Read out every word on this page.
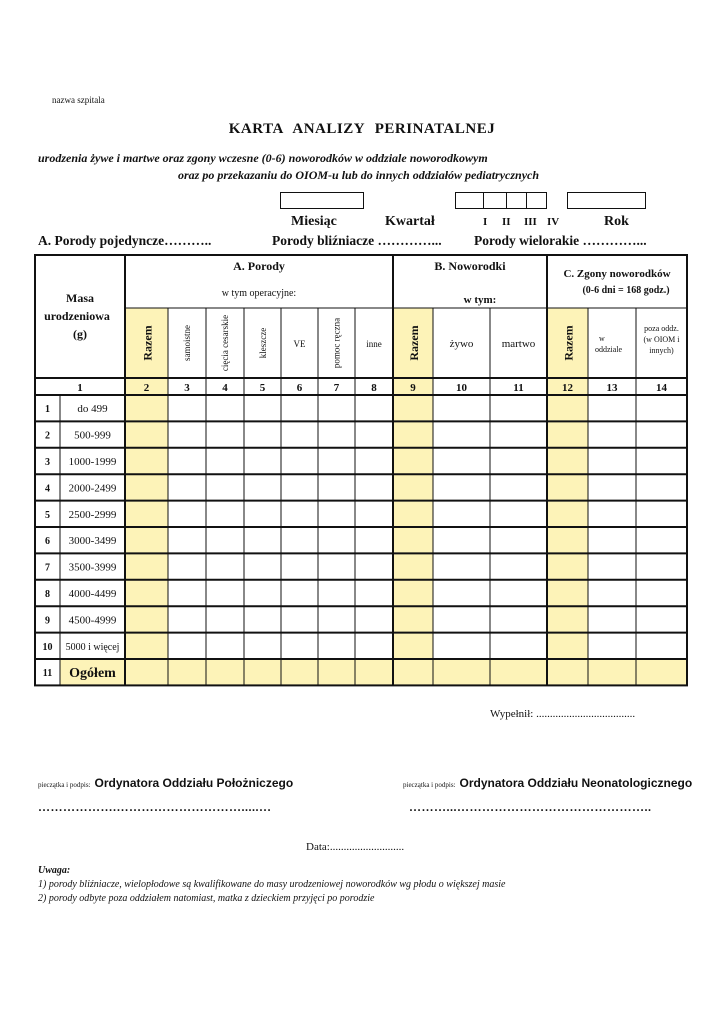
nazwa szpitala
KARTA ANALIZY PERINATALNEJ
urodzenia żywe i martwe oraz zgony wczesne (0-6) noworodków w oddziale noworodkowym
oraz po przekazaniu do OIOM-u lub do innych oddziałów pediatrycznych
Miesiąc	Kwartał	I II III IV	Rok
A. Porody pojedyncze………..	Porody bliźniacze …………... Porody wielorakie …………...
A. Porody
w tym operacyjne:
B. Noworodki
w tym:
C. Zgony noworodków
(0-6 dni = 168 godz.)
Masa
urodzeniowa
(g)	Razem	Razem	Razem
samoistne	cięcia cesarskie	kleszcze	VE	pomoc ręczna	inne	żywo	martwo	w
oddziale
poza oddz.
(w OIOM i
innych)
1	2	3	4	5	6	7	8	9	10	11	12	13	14
1 do 499
2 500-999
3 1000-1999
4 2000-2499
5 2500-2999
6 3000-3499
7 3500-3999
8 4000-4499
9 4500-4999
10 5000 i więcej
11 Ogółem
Wypełnił: ....................................
pieczątka i podpis: Ordynatora Oddziału Położniczego	pieczątka i podpis: Ordynatora Oddziału Neonatologicznego
……………….………………………….....…	………...………………………………………..
Data:...........................
Uwaga:
1) porody bliźniacze, wielopłodowe są kwalifikowane do masy urodzeniowej noworodków wg płodu o większej masie
2) porody odbyte poza oddziałem natomiast, matka z dzieckiem przyjęci po porodzie
